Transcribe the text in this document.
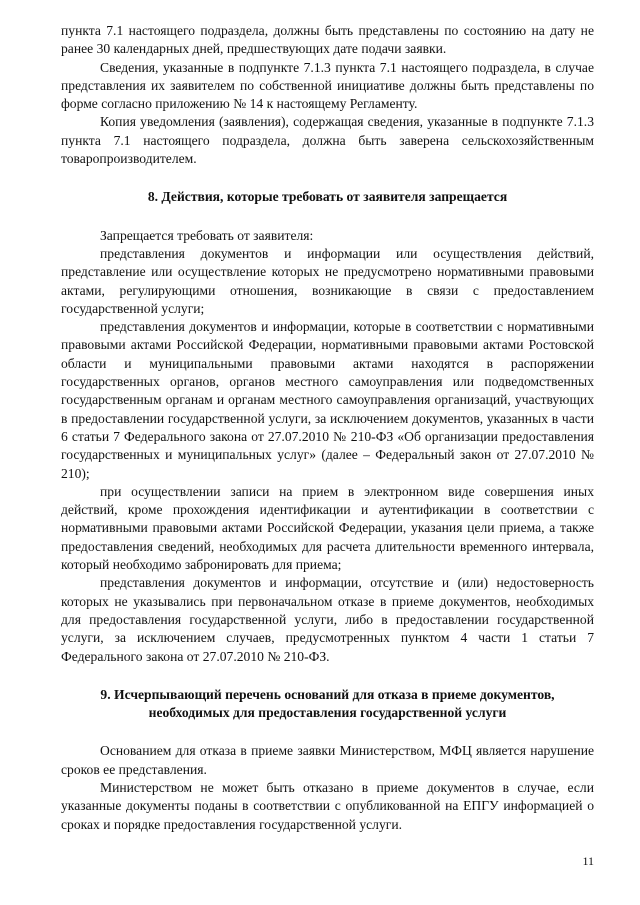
пункта 7.1 настоящего подраздела, должны быть представлены по состоянию на дату не ранее 30 календарных дней, предшествующих дате подачи заявки.

Сведения, указанные в подпункте 7.1.3 пункта 7.1 настоящего подраздела, в случае представления их заявителем по собственной инициативе должны быть представлены по форме согласно приложению № 14 к настоящему Регламенту.

Копия уведомления (заявления), содержащая сведения, указанные в подпункте 7.1.3 пункта 7.1 настоящего подраздела, должна быть заверена сельскохозяйственным товаропроизводителем.

8. Действия, которые требовать от заявителя запрещается

Запрещается требовать от заявителя:

представления документов и информации или осуществления действий, представление или осуществление которых не предусмотрено нормативными правовыми актами, регулирующими отношения, возникающие в связи с предоставлением государственной услуги;

представления документов и информации, которые в соответствии с нормативными правовыми актами Российской Федерации, нормативными правовыми актами Ростовской области и муниципальными правовыми актами находятся в распоряжении государственных органов, органов местного самоуправления или подведомственных государственным органам и органам местного самоуправления организаций, участвующих в предоставлении государственной услуги, за исключением документов, указанных в части 6 статьи 7 Федерального закона от 27.07.2010 № 210-ФЗ «Об организации предоставления государственных и муниципальных услуг» (далее – Федеральный закон от 27.07.2010 № 210);

при осуществлении записи на прием в электронном виде совершения иных действий, кроме прохождения идентификации и аутентификации в соответствии с нормативными правовыми актами Российской Федерации, указания цели приема, а также предоставления сведений, необходимых для расчета длительности временного интервала, который необходимо забронировать для приема;

представления документов и информации, отсутствие и (или) недостоверность которых не указывались при первоначальном отказе в приеме документов, необходимых для предоставления государственной услуги, либо в предоставлении государственной услуги, за исключением случаев, предусмотренных пунктом 4 части 1 статьи 7 Федерального закона от 27.07.2010 № 210-ФЗ.

9. Исчерпывающий перечень оснований для отказа в приеме документов,
необходимых для предоставления государственной услуги

Основанием для отказа в приеме заявки Министерством, МФЦ является нарушение сроков ее представления.

Министерством не может быть отказано в приеме документов в случае, если указанные документы поданы в соответствии с опубликованной на ЕПГУ информацией о сроках и порядке предоставления государственной услуги.

11
